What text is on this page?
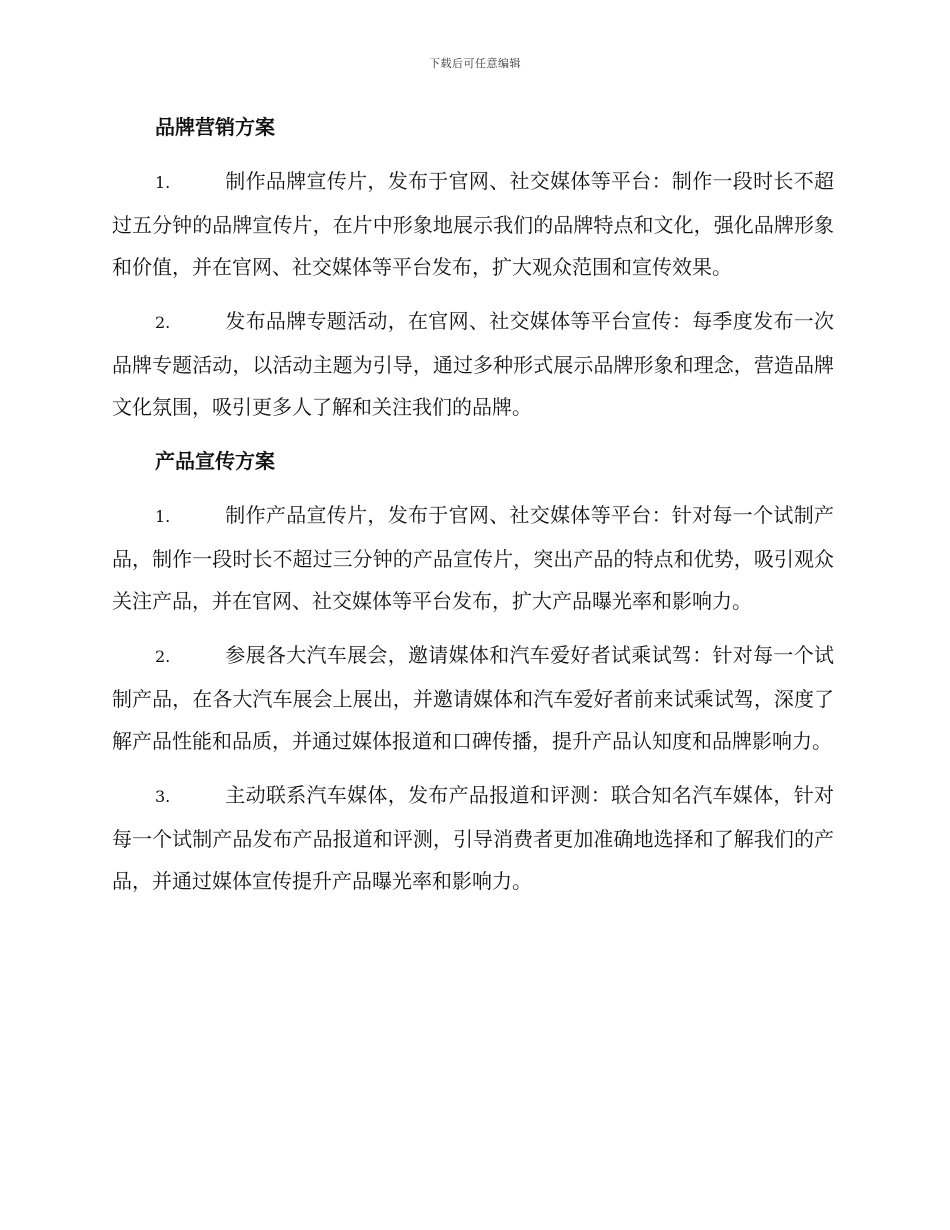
下载后可任意编辑
品牌营销方案

1.	制作品牌宣传片，发布于官网、社交媒体等平台：制作一段时长不超过五分钟的品牌宣传片，在片中形象地展示我们的品牌特点和文化，强化品牌形象和价值，并在官网、社交媒体等平台发布，扩大观众范围和宣传效果。

2.	发布品牌专题活动，在官网、社交媒体等平台宣传：每季度发布一次品牌专题活动，以活动主题为引导，通过多种形式展示品牌形象和理念，营造品牌文化氛围，吸引更多人了解和关注我们的品牌。

产品宣传方案

1.	制作产品宣传片，发布于官网、社交媒体等平台：针对每一个试制产品，制作一段时长不超过三分钟的产品宣传片，突出产品的特点和优势，吸引观众关注产品，并在官网、社交媒体等平台发布，扩大产品曝光率和影响力。

2.	参展各大汽车展会，邀请媒体和汽车爱好者试乘试驾：针对每一个试制产品，在各大汽车展会上展出，并邀请媒体和汽车爱好者前来试乘试驾，深度了解产品性能和品质，并通过媒体报道和口碑传播，提升产品认知度和品牌影响力。

3.	主动联系汽车媒体，发布产品报道和评测：联合知名汽车媒体，针对每一个试制产品发布产品报道和评测，引导消费者更加准确地选择和了解我们的产品，并通过媒体宣传提升产品曝光率和影响力。
